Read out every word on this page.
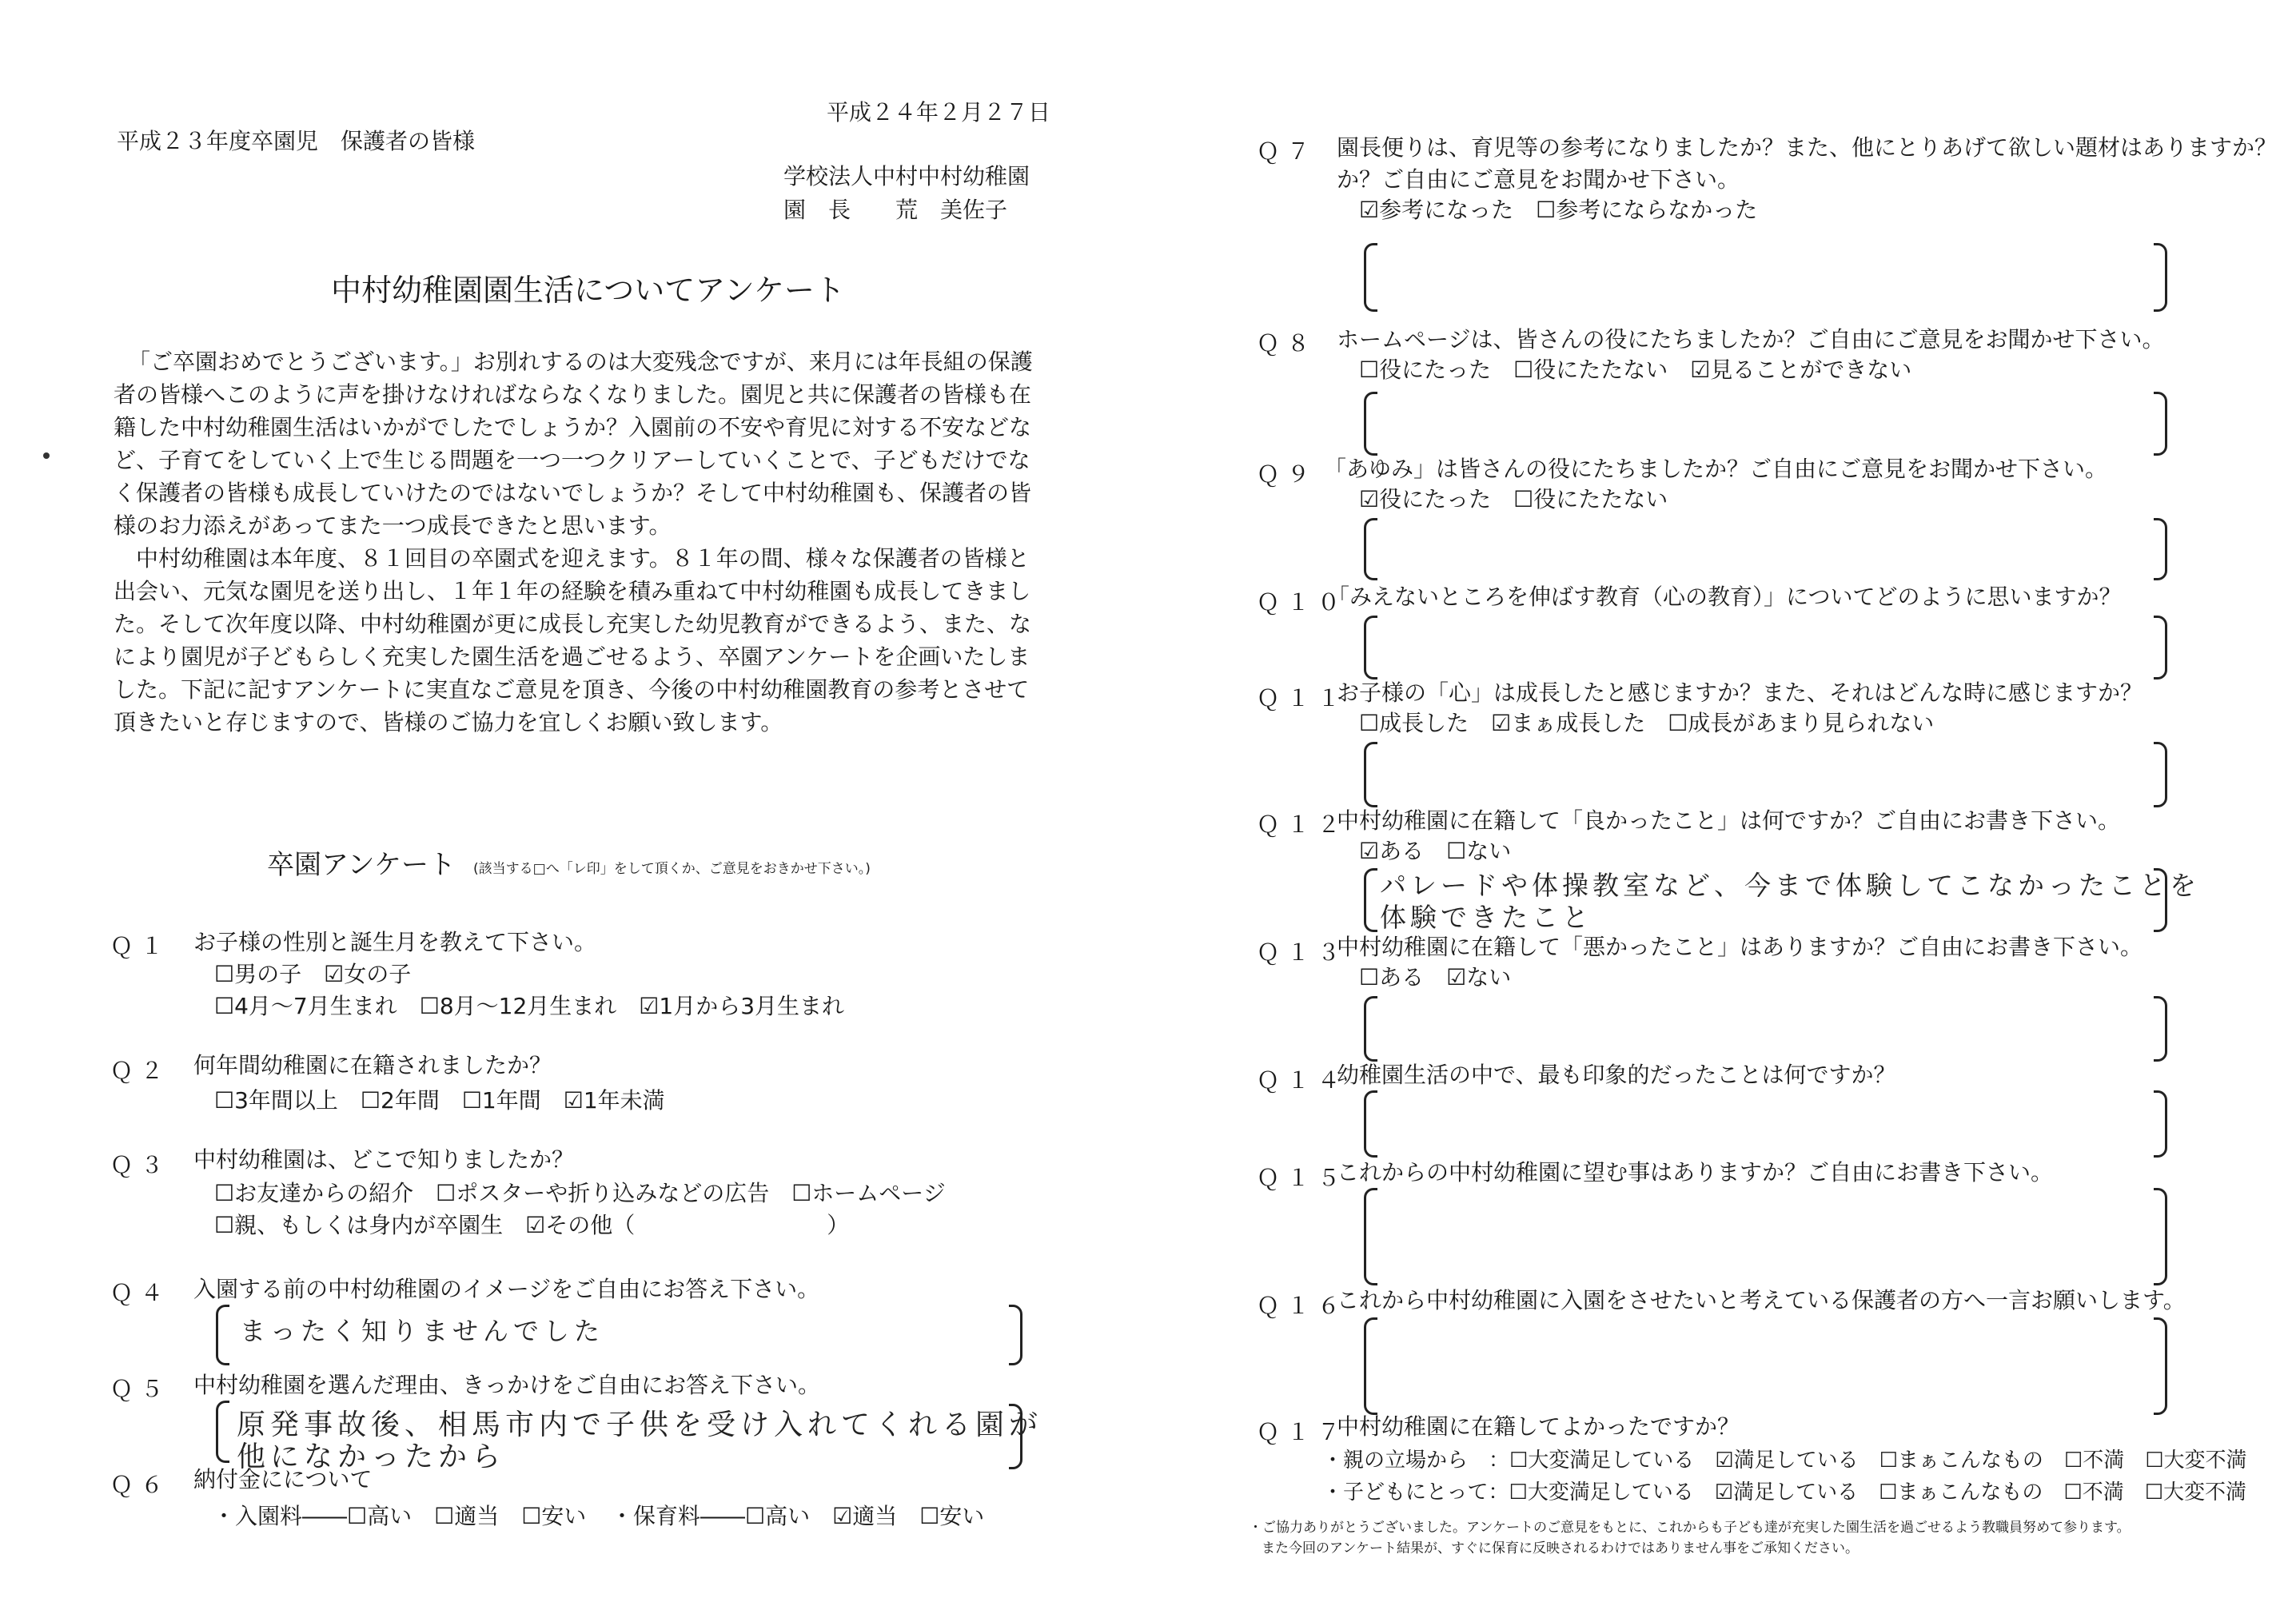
平成２４年２月２７日
平成２３年度卒園児　保護者の皆様
学校法人中村中村幼稚園
園　長　　荒　美佐子
中村幼稚園園生活についてアンケート
「ご卒園おめでとうございます。」お別れするのは大変残念ですが、来月には年長組の保護者の皆様へこのように声を掛けなければならなくなりました。園児と共に保護者の皆様も在籍した中村幼稚園生活はいかがでしたでしょうか？入園前の不安や育児に対する不安などなど、子育てをしていく上で生じる問題を一つ一つクリアーしていくことで、子どもだけでなく保護者の皆様も成長していけたのではないでしょうか？そして中村幼稚園も、保護者の皆様のお力添えがあってまた一つ成長できたと思います。
中村幼稚園は本年度、８１回目の卒園式を迎えます。８１年の間、様々な保護者の皆様と出会い、元気な園児を送り出し、１年１年の経験を積み重ねて中村幼稚園も成長してきました。そして次年度以降、中村幼稚園が更に成長し充実した幼児教育ができるよう、また、なにより園児が子どもらしく充実した園生活を過ごせるよう、卒園アンケートを企画いたしました。下記に記すアンケートに実直なご意見を頂き、今後の中村幼稚園教育の参考とさせて頂きたいと存じますので、皆様のご協力を宜しくお願い致します。
卒園アンケート (該当する□へ「レ印」をして頂くか、ご意見をおきかせ下さい。)
Ｑ１ お子様の性別と誕生月を教えて下さい。
☐男の子　☑女の子
☐4月～7月生まれ　☐8月～12月生まれ　☑1月から3月生まれ
Ｑ２ 何年間幼稚園に在籍されましたか？
☐3年間以上　☐2年間　☐1年間　☑1年未満
Ｑ３ 中村幼稚園は、どこで知りましたか？
☐お友達からの紹介　☐ポスターや折り込みなどの広告　☐ホームページ
☐親、もしくは身内が卒園生　☑その他（	）
Ｑ４ 入園する前の中村幼稚園のイメージをご自由にお答え下さい。
まったく知りませんでした
Ｑ５ 中村幼稚園を選んだ理由、きっかけをご自由にお答え下さい。
原発事故後、相馬市内で子供を受け入れてくれる園が
他になかったから
Ｑ６ 納付金にについて
・入園料――☐高い　☐適当　☐安い ・保育料――☐高い　☑適当　☐安い
Ｑ７ 園長便りは、育児等の参考になりましたか？また、他にとりあげて欲しい題材はありますか？
か？ご自由にご意見をお聞かせ下さい。
☑参考になった　☐参考にならなかった
Ｑ８ ホームページは、皆さんの役にたちましたか？ご自由にご意見をお聞かせ下さい。
☐役にたった　☐役にたたない　☑見ることができない
Ｑ９ 「あゆみ」は皆さんの役にたちましたか？ご自由にご意見をお聞かせ下さい。
☑役にたった　☐役にたたない
Ｑ１０
「みえないところを伸ばす教育（心の教育）」についてどのように思いますか？
Ｑ１１
お子様の「心」は成長したと感じますか？また、それはどんな時に感じますか？
☐成長した　☑まぁ成長した　☐成長があまり見られない
Ｑ１２
中村幼稚園に在籍して「良かったこと」は何ですか？ご自由にお書き下さい。
☑ある　☐ない
パレードや体操教室など、今まで体験してこなかったことを
体験できたこと
Ｑ１３
中村幼稚園に在籍して「悪かったこと」はありますか？ご自由にお書き下さい。
☐ある　☑ない
Ｑ１４
幼稚園生活の中で、最も印象的だったことは何ですか？
Ｑ１５
これからの中村幼稚園に望む事はありますか？ご自由にお書き下さい。
Ｑ１６
これから中村幼稚園に入園をさせたいと考えている保護者の方へ一言お願いします。
Ｑ１７
中村幼稚園に在籍してよかったですか？
・親の立場から　：☐大変満足している　☑満足している　☐まぁこんなもの　☐不満　☐大変不満
・子どもにとって：☐大変満足している　☑満足している　☐まぁこんなもの　☐不満　☐大変不満
・ご協力ありがとうございました。アンケートのご意見をもとに、これからも子ども達が充実した園生活を過ごせるよう教職員努めて参ります。
また今回のアンケート結果が、すぐに保育に反映されるわけではありません事をご承知ください。
